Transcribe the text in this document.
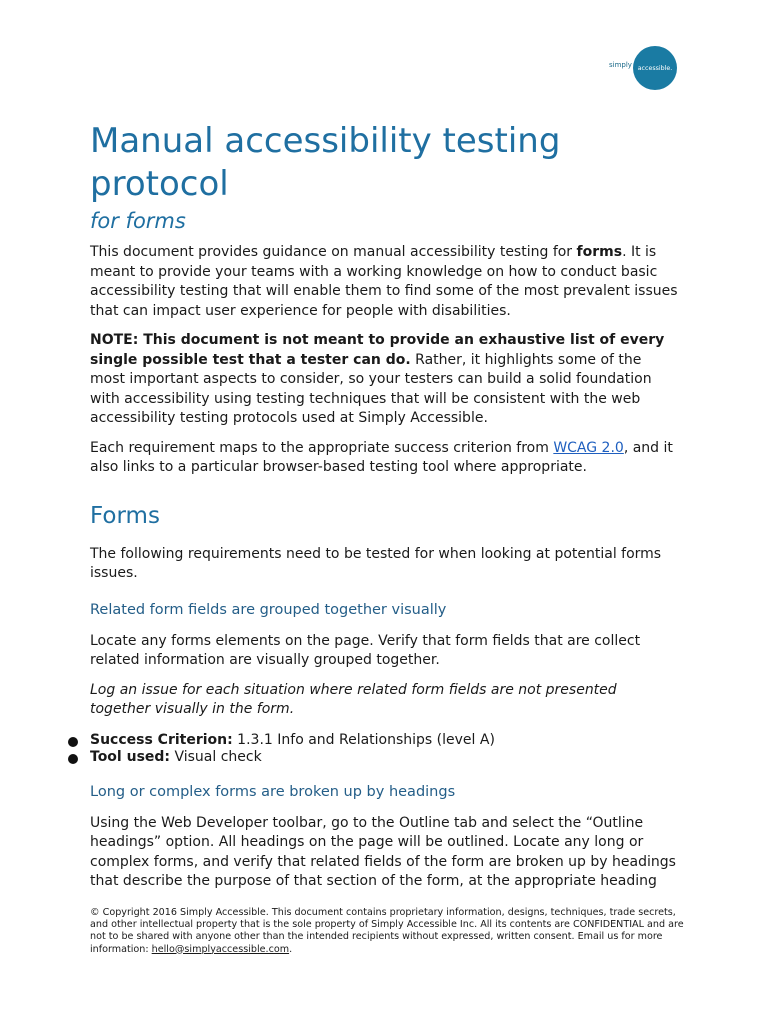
simply accessible.
Manual accessibility testing protocol
for forms

This document provides guidance on manual accessibility testing for forms. It is meant to provide your teams with a working knowledge on how to conduct basic accessibility testing that will enable them to find some of the most prevalent issues that can impact user experience for people with disabilities.

NOTE: This document is not meant to provide an exhaustive list of every single possible test that a tester can do. Rather, it highlights some of the most important aspects to consider, so your testers can build a solid foundation with accessibility using testing techniques that will be consistent with the web accessibility testing protocols used at Simply Accessible.

Each requirement maps to the appropriate success criterion from WCAG 2.0, and it also links to a particular browser-based testing tool where appropriate.

Forms

The following requirements need to be tested for when looking at potential forms issues.

Related form fields are grouped together visually

Locate any forms elements on the page. Verify that form fields that are collect related information are visually grouped together.

Log an issue for each situation where related form fields are not presented together visually in the form.

Success Criterion: 1.3.1 Info and Relationships (level A)
Tool used: Visual check
Long or complex forms are broken up by headings

Using the Web Developer toolbar, go to the Outline tab and select the “Outline headings” option. All headings on the page will be outlined. Locate any long or complex forms, and verify that related fields of the form are broken up by headings that describe the purpose of that section of the form, at the appropriate heading

© Copyright 2016 Simply Accessible. This document contains proprietary information, designs, techniques, trade secrets, and other intellectual property that is the sole property of Simply Accessible Inc. All its contents are CONFIDENTIAL and are not to be shared with anyone other than the intended recipients without expressed, written consent. Email us for more information: hello@simplyaccessible.com.
